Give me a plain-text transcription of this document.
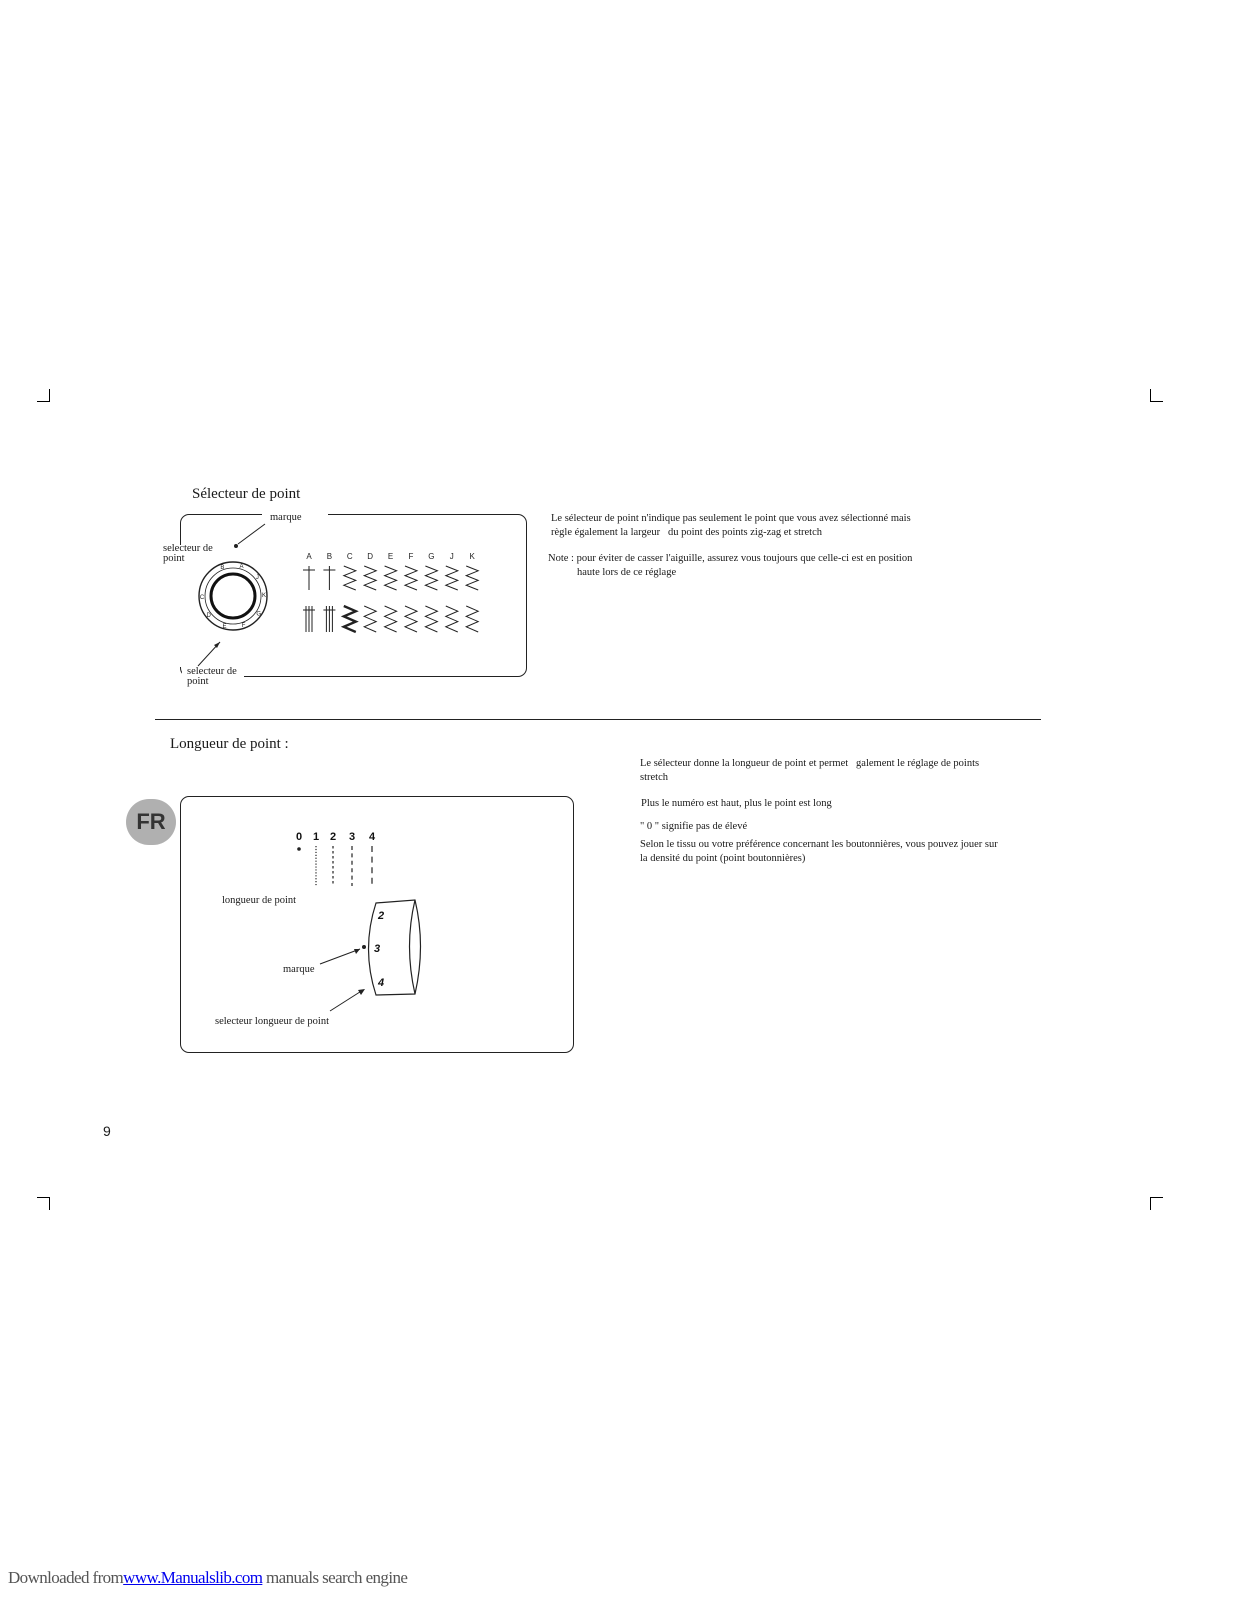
Sélecteur de point
marque
selecteur de
point
selecteur de
point
B	A
J
K
G
F
E
D
C
A B C D E F G J K
Le sélecteur de point n'indique pas seulement le point que vous avez sélectionné mais
règle également la largeur du point des points zig-zag et stretch
Note : pour éviter de casser l'aiguille, assurez vous toujours que celle-ci est en position
haute lors de ce réglage
Longueur de point :
Le sélecteur donne la longueur de point et permet galement le réglage de points
stretch
Plus le numéro est haut, plus le point est long
" 0 " signifie pas de élevé
Selon le tissu ou votre préférence concernant les boutonnières, vous pouvez jouer sur
la densité du point (point boutonnières)
FR
longueur de point
marque
selecteur longueur de point
0 1 2 3 4
2
3
4
9
Downloaded fromwww.Manualslib.com manuals search engine
